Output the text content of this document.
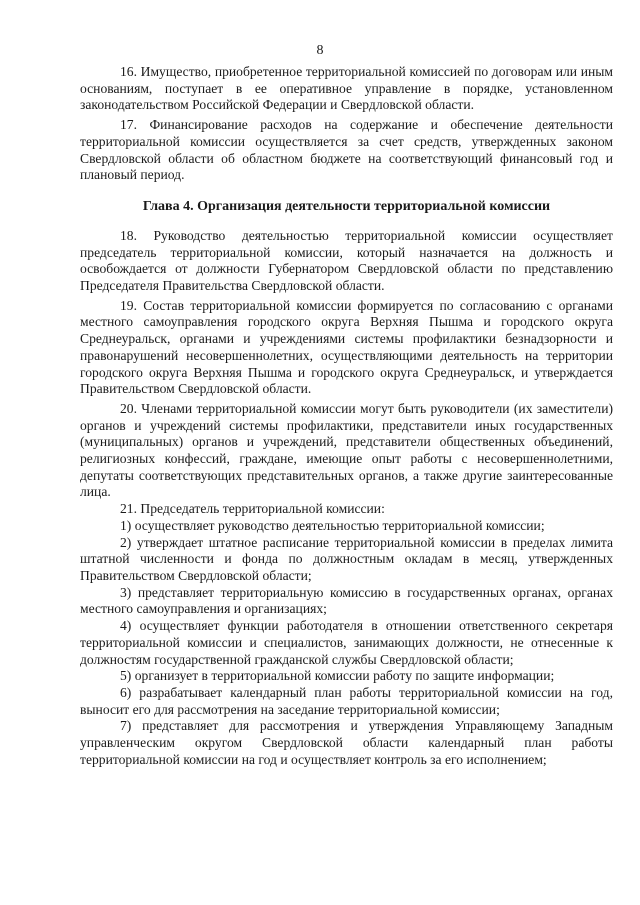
8

16. Имущество, приобретенное территориальной комиссией по договорам или иным основаниям, поступает в ее оперативное управление в порядке, установленном законодательством Российской Федерации и Свердловской области.

17. Финансирование расходов на содержание и обеспечение деятельности территориальной комиссии осуществляется за счет средств, утвержденных законом Свердловской области об областном бюджете на соответствующий финансовый год и плановый период.

Глава 4. Организация деятельности территориальной комиссии

18. Руководство деятельностью территориальной комиссии осуществляет председатель территориальной комиссии, который назначается на должность и освобождается от должности Губернатором Свердловской области по представлению Председателя Правительства Свердловской области.

19. Состав территориальной комиссии формируется по согласованию с органами местного самоуправления городского округа Верхняя Пышма и городского округа Среднеуральск, органами и учреждениями системы профилактики безнадзорности и правонарушений несовершеннолетних, осуществляющими деятельность на территории городского округа Верхняя Пышма и городского округа Среднеуральск, и утверждается Правительством Свердловской области.

20. Членами территориальной комиссии могут быть руководители (их заместители) органов и учреждений системы профилактики, представители иных государственных (муниципальных) органов и учреждений, представители общественных объединений, религиозных конфессий, граждане, имеющие опыт работы с несовершеннолетними, депутаты соответствующих представительных органов, а также другие заинтересованные лица.

21. Председатель территориальной комиссии:

1) осуществляет руководство деятельностью территориальной комиссии;

2) утверждает штатное расписание территориальной комиссии в пределах лимита штатной численности и фонда по должностным окладам в месяц, утвержденных Правительством Свердловской области;

3) представляет территориальную комиссию в государственных органах, органах местного самоуправления и организациях;

4) осуществляет функции работодателя в отношении ответственного секретаря территориальной комиссии и специалистов, занимающих должности, не отнесенные к должностям государственной гражданской службы Свердловской области;

5) организует в территориальной комиссии работу по защите информации;

6) разрабатывает календарный план работы территориальной комиссии на год, выносит его для рассмотрения на заседание территориальной комиссии;

7) представляет для рассмотрения и утверждения Управляющему Западным управленческим округом Свердловской области календарный план работы территориальной комиссии на год и осуществляет контроль за его исполнением;
